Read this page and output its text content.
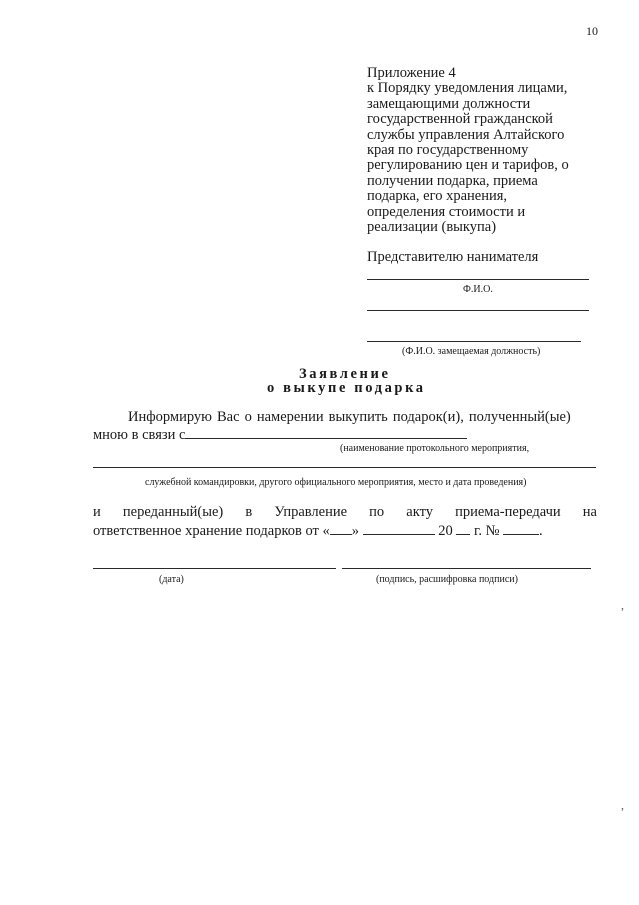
10
Приложение 4
к Порядку уведомления лицами,
замещающими должности
государственной гражданской
службы управления Алтайского
края по государственному
регулированию цен и тарифов, о
получении подарка, приема
подарка, его хранения,
определения стоимости и
реализации (выкупа)
Представителю нанимателя
Ф.И.О.
(Ф.И.О. замещаемая должность)
Заявление
о выкупе подарка
Информирую Вас о намерении выкупить подарок(и), полученный(ые)
мною в связи с
(наименование протокольного мероприятия,
служебной командировки, другого официального мероприятия, место и дата проведения)
и переданный(ые) в Управление по акту приема-передачи на
ответственное хранение подарков от « »	20 г. №	.
(дата)	(подпись, расшифровка подписи)
,
,
